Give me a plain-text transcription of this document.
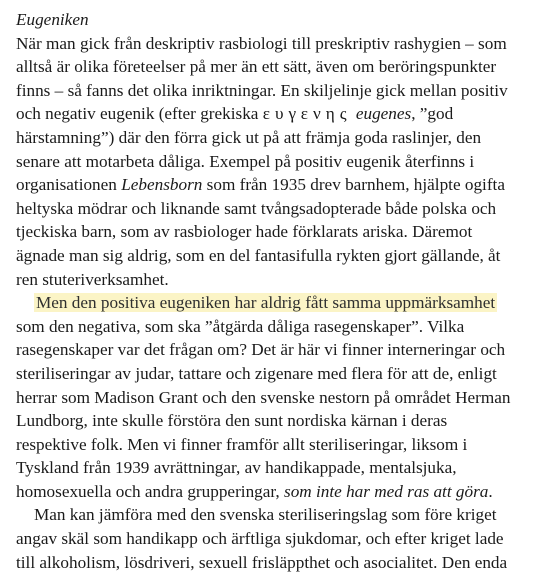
Eugeniken
När man gick från deskriptiv rasbiologi till preskriptiv rashygien – som
alltså är olika företeelser på mer än ett sätt, även om beröringspunkter
finns – så fanns det olika inriktningar. En skiljelinje gick mellan positiv
och negativ eugenik (efter grekiska ευγενης eugenes, ”god
härstamning”) där den förra gick ut på att främja goda raslinjer, den
senare att motarbeta dåliga. Exempel på positiv eugenik återfinns i
organisationen Lebensborn som från 1935 drev barnhem, hjälpte ogifta
heltyska mödrar och liknande samt tvångsadopterade både polska och
tjeckiska barn, som av rasbiologer hade förklarats ariska. Däremot
ägnade man sig aldrig, som en del fantasifulla rykten gjort gällande, åt
ren stuteriverksamhet.
Men den positiva eugeniken har aldrig fått samma uppmärksamhet
som den negativa, som ska ”åtgärda dåliga rasegenskaper”. Vilka
rasegenskaper var det frågan om? Det är här vi finner interneringar och
steriliseringar av judar, tattare och zigenare med flera för att de, enligt
herrar som Madison Grant och den svenske nestorn på området Herman
Lundborg, inte skulle förstöra den sunt nordiska kärnan i deras
respektive folk. Men vi finner framför allt steriliseringar, liksom i
Tyskland från 1939 avrättningar, av handikappade, mentalsjuka,
homosexuella och andra grupperingar, som inte har med ras att göra.
Man kan jämföra med den svenska steriliseringslag som före kriget
angav skäl som handikapp och ärftliga sjukdomar, och efter kriget lade
till alkoholism, lösdriveri, sexuell frisläppthet och asocialitet. Den enda
